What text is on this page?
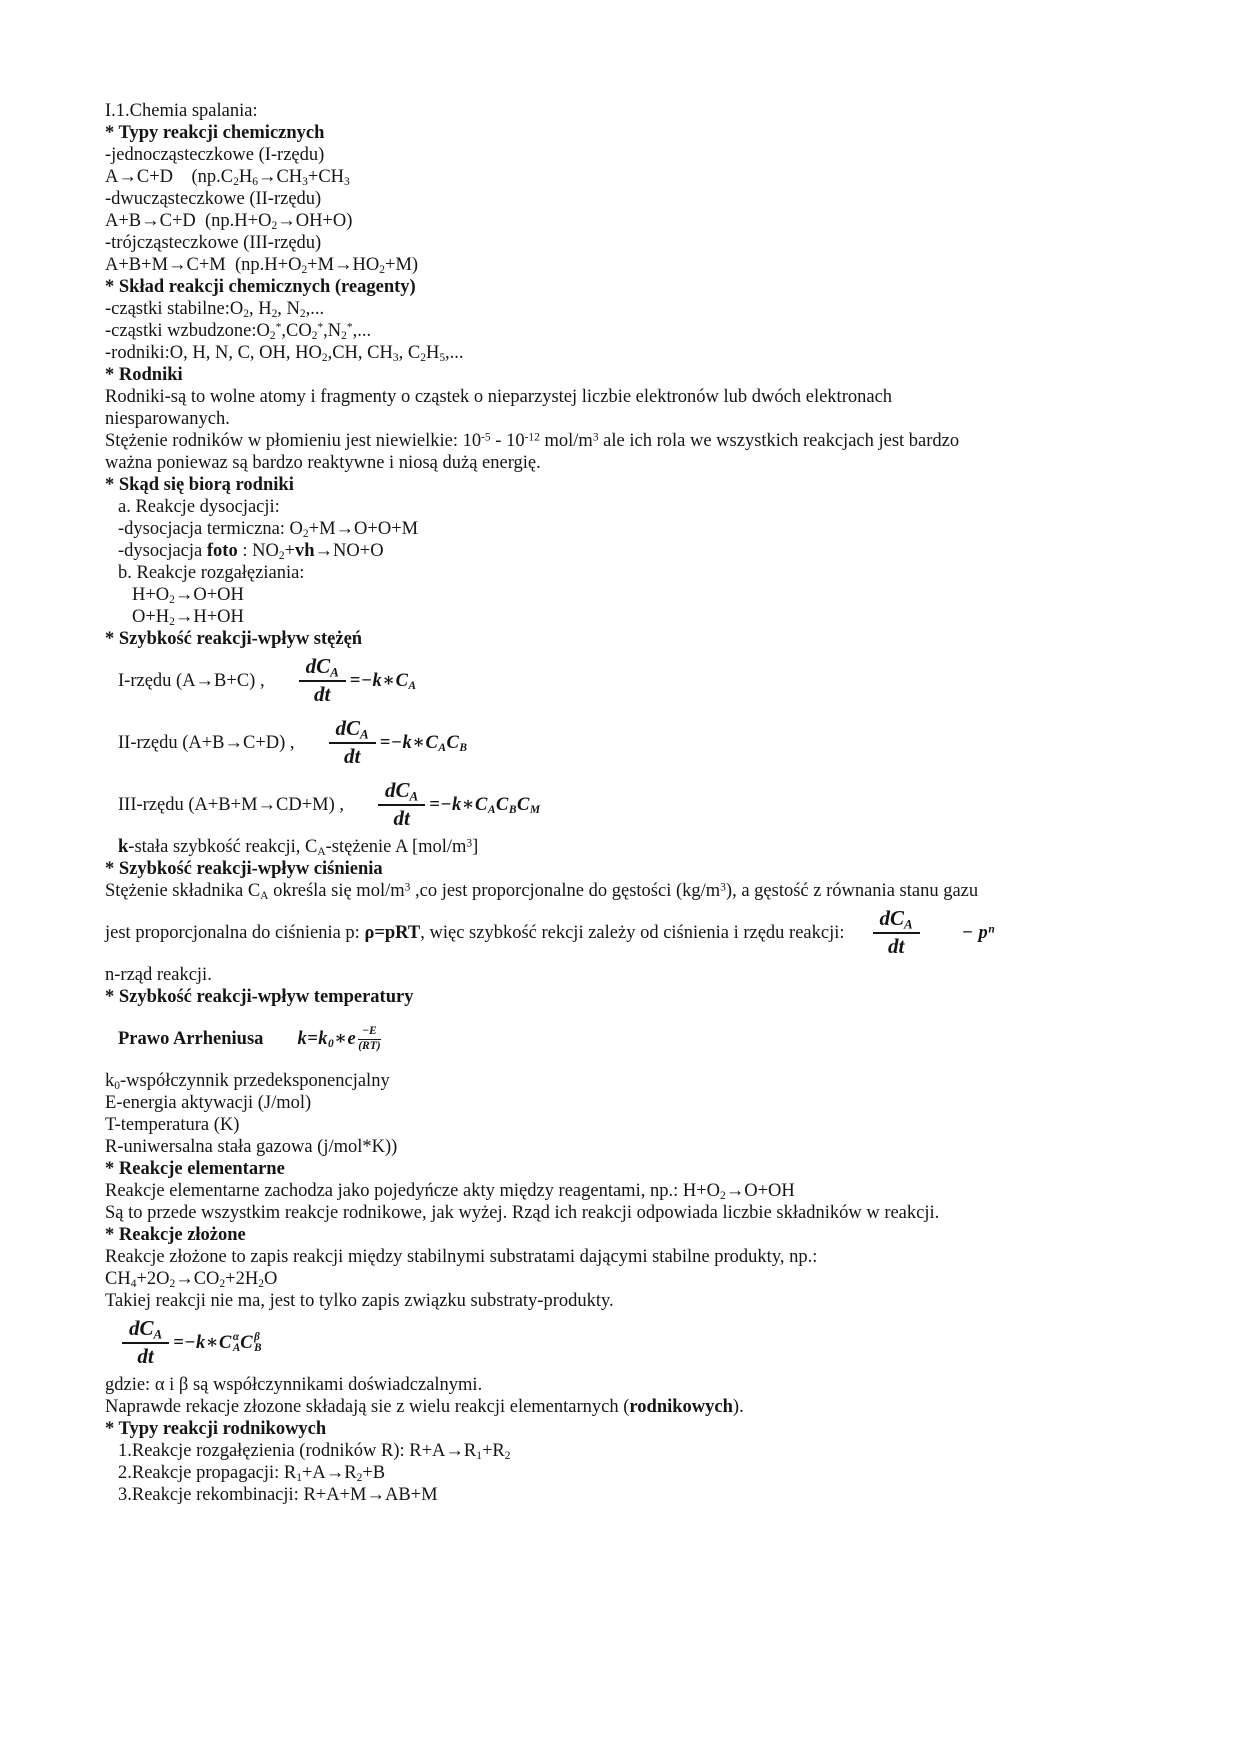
I.1.Chemia spalania:
* Typy reakcji chemicznych
-jednocząsteczkowe (I-rzędu)
A→C+D    ($np.C_2H_6\to CH_3+CH_3$
-dwucząsteczkowe (II-rzędu)
A+B→C+D  $(np.H+O_2\to OH+O)$
-trójcząsteczkowe (III-rzędu)
A+B+M→C+M  $(np.H+O_2+M\to HO_2+M)$
* Skład reakcji chemicznych (reagenty)
-cząstki $stabilne:O_2$, $H_2$, $N_2$,...
-cząstki $wzbudzone:O_2^*,CO_2^*,N_2^*$,...
-rodniki:O, H, N, C, OH, $HO_2,CH$, $CH_3$, $C_2H_5$,...
* Rodniki
Rodniki-są to wolne atomy i fragmenty o cząstek o nieparzystej liczbie elektronów lub dwóch elektronach
niesparowanych.
Stężenie rodników w płomieniu jest niewielkie: $10^{-5} - 10^{-12}$ mol/$m^3$ ale ich rola we wszystkich reakcjach jest bardzo
ważna poniewaz są bardzo reaktywne i niosą dużą energię.
* Skąd się biorą rodniki
a. Reakcje dysocjacji:
-dysocjacja termiczna: $O_2+M\to O+O+M$
-dysocjacja foto : $NO_2+vh\to NO+O$
b. Reakcje rozgałęziania:
$H+O_2\to O+OH$
$O+H_2\to H+OH$
* Szybkość reakcji-wpływ stężęń
I-rzędu (A→B+C) , $\frac{dC_A}{dt}$ $=-k∗C_A$
II-rzędu (A+B→C+D) , $\frac{dC_A}{dt}$ $=-k∗C_AC_B$
III-rzędu (A+B+M→CD+M) , $\frac{dC_A}{dt}$ $=-k∗C_AC_BC_M$
k-stała szybkość reakcji, $C_A$-stężenie A $[mol/m^3]$
* Szybkość reakcji-wpływ ciśnienia
Stężenie składnika $C_A$ określa się mol/$m^3$ ,co jest proporcjonalne do gęstości $(kg/m^3)$, a gęstość z równania stanu gazu
jest proporcjonalna do ciśnienia p: ρ=pRT, więc szybkość rekcji zależy od ciśnienia i rzędu reakcji: $\frac{dC_A}{dt} - p^n$
n-rząd reakcji.
* Szybkość reakcji-wpływ temperatury
Prawo Arrheniusa $k=k_0∗e -E$
(RT)
$k_0$-współczynnik przedeksponencjalny
E-energia aktywacji (J/mol)
T-temperatura (K)
R-uniwersalna stała gazowa (j/mol*K))
* Reakcje elementarne
Reakcje elementarne zachodza jako pojedyńcze akty między reagentami, np.: $H+O_2\to O+OH$
Są to przede wszystkim reakcje rodnikowe, jak wyżej. Rząd ich reakcji odpowiada liczbie składników w reakcji.
* Reakcje złożone
Reakcje złożone to zapis reakcji między stabilnymi substratami dającymi stabilne produkty, np.:
$CH_4+2O_2\to CO_2+2H_2O$
Takiej reakcji nie ma, jest to tylko zapis związku substraty-produkty.
$\frac{dC_A}{dt}$ =−k∗C α
A C β
B
gdzie: α i β są współczynnikami doświadczalnymi.
Naprawde rekacje złozone składają sie z wielu reakcji elementarnych (rodnikowych).
* Typy reakcji rodnikowych
1.Reakcje rozgałęzienia (rodników R): $R+A\to R_1+R_2$
2.Reakcje propagacji: $R_1+A\to R_2+B$
3.Reakcje rekombinacji: R+A+M→AB+M
